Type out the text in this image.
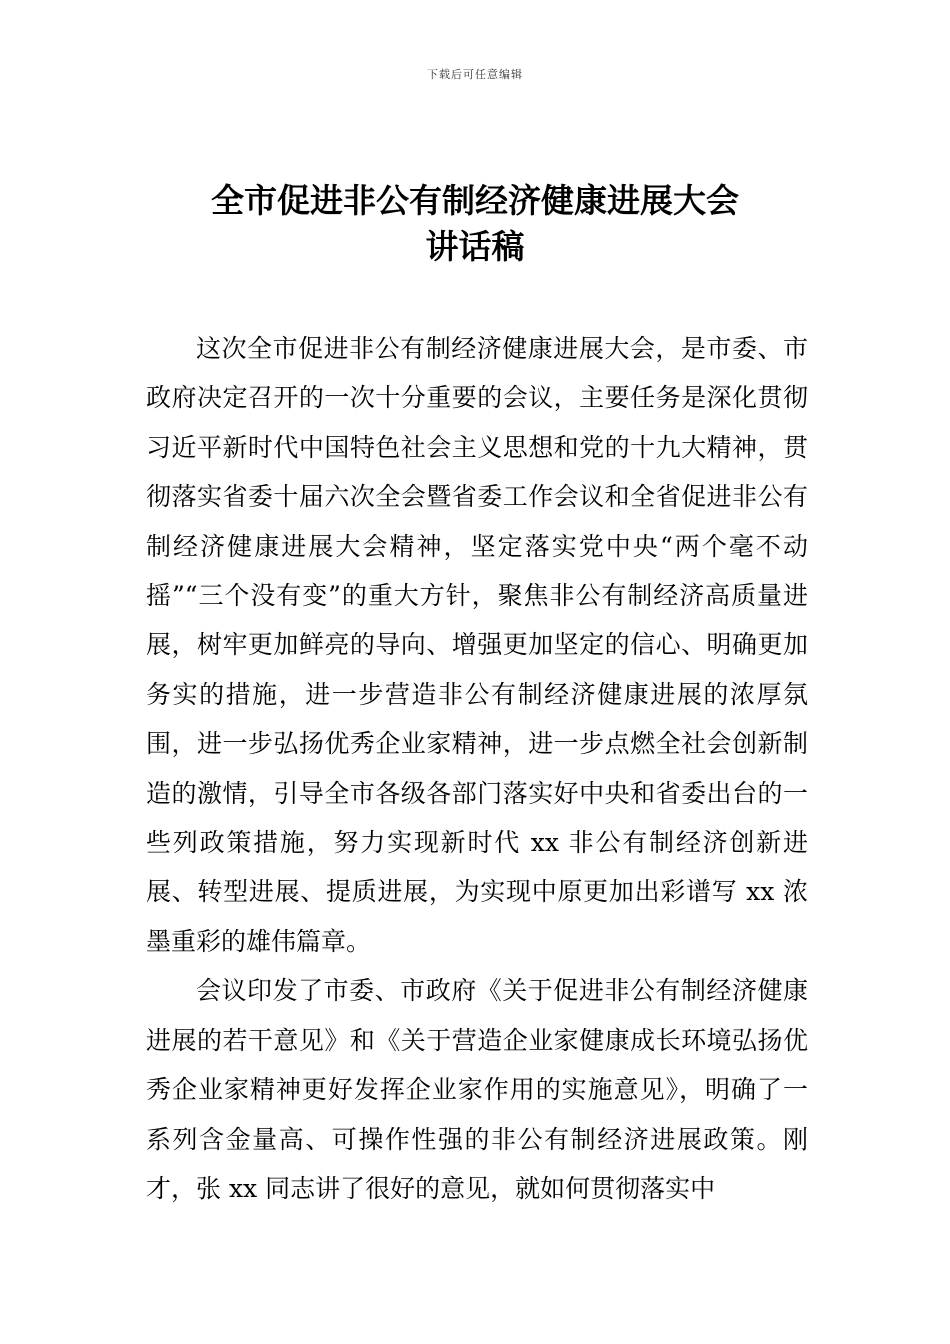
下载后可任意编辑
全市促进非公有制经济健康进展大会
讲话稿

这次全市促进非公有制经济健康进展大会，是市委、市政府决定召开的一次十分重要的会议，主要任务是深化贯彻习近平新时代中国特色社会主义思想和党的十九大精神，贯彻落实省委十届六次全会暨省委工作会议和全省促进非公有制经济健康进展大会精神，坚定落实党中央“两个毫不动摇”“三个没有变”的重大方针，聚焦非公有制经济高质量进展，树牢更加鲜亮的导向、增强更加坚定的信心、明确更加务实的措施，进一步营造非公有制经济健康进展的浓厚氛围，进一步弘扬优秀企业家精神，进一步点燃全社会创新制造的激情，引导全市各级各部门落实好中央和省委出台的一些列政策措施，努力实现新时代 xx 非公有制经济创新进展、转型进展、提质进展，为实现中原更加出彩谱写 xx 浓墨重彩的雄伟篇章。

会议印发了市委、市政府《关于促进非公有制经济健康进展的若干意见》和《关于营造企业家健康成长环境弘扬优秀企业家精神更好发挥企业家作用的实施意见》，明确了一系列含金量高、可操作性强的非公有制经济进展政策。刚才，张 xx 同志讲了很好的意见，就如何贯彻落实中
